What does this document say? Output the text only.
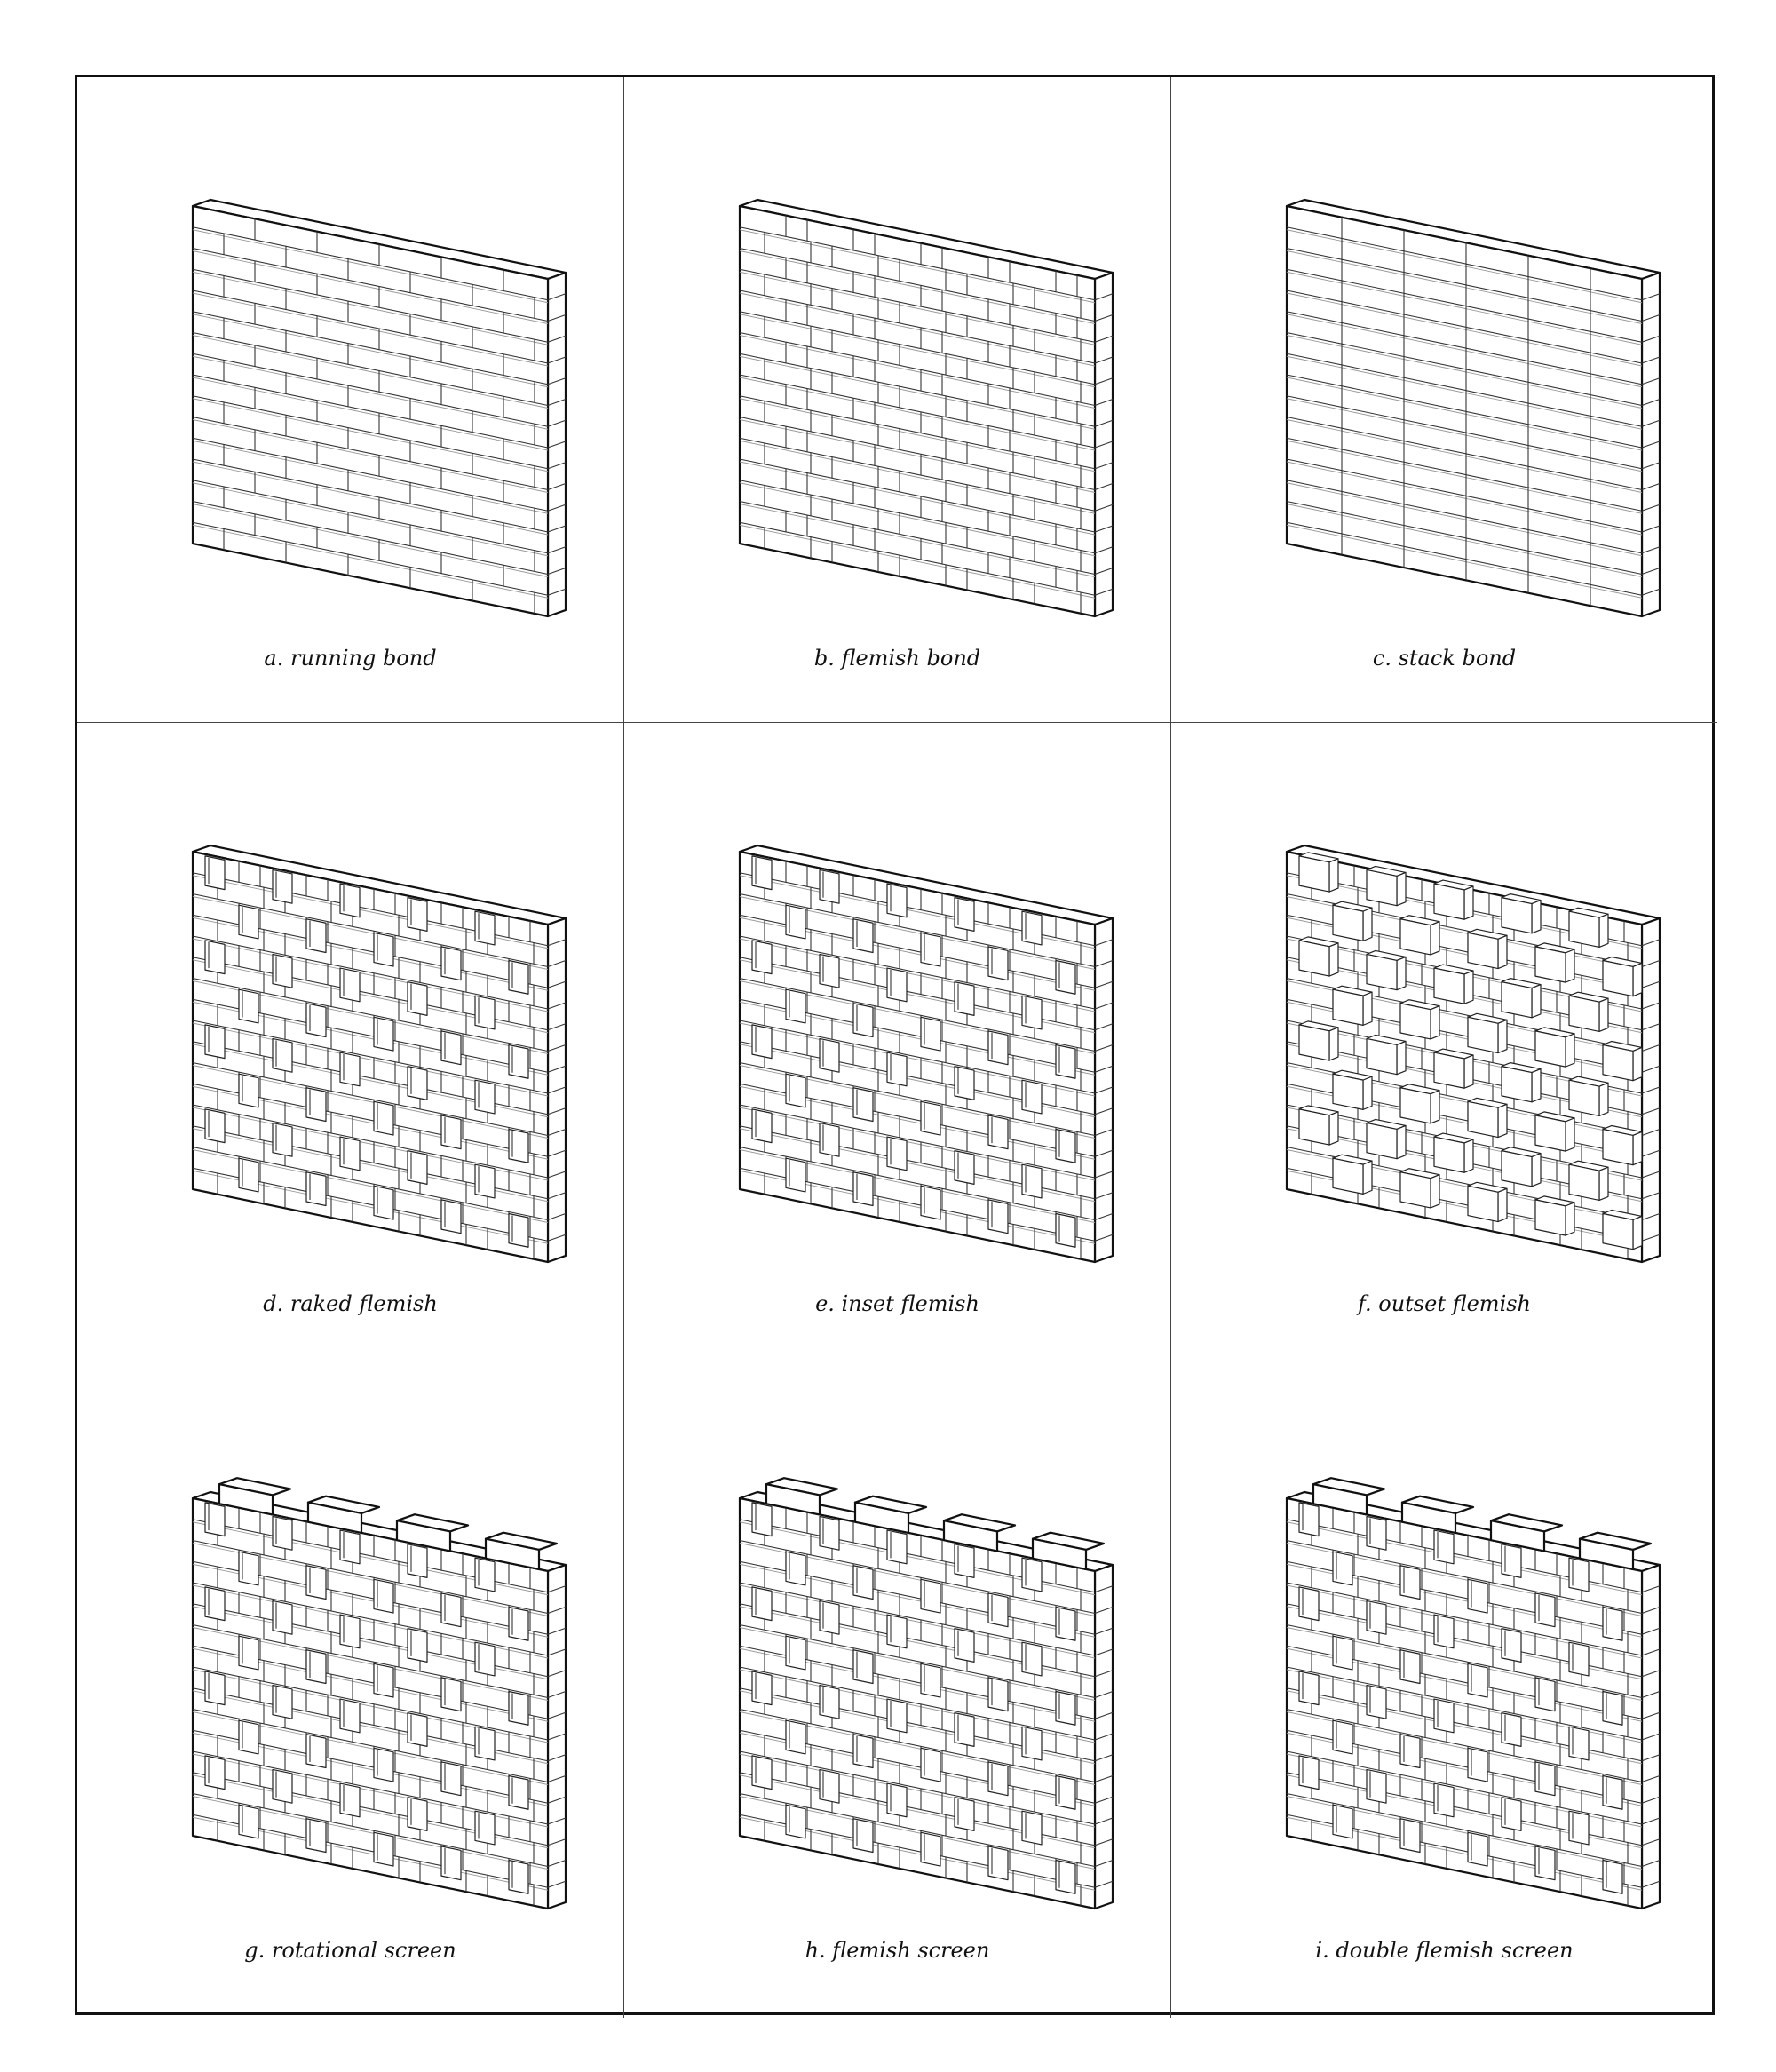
a. running bond	b. flemish bond	c. stack bond
d. raked flemish	e. inset flemish	f. outset flemish
g. rotational screen	h. flemish screen	i. double flemish screen
